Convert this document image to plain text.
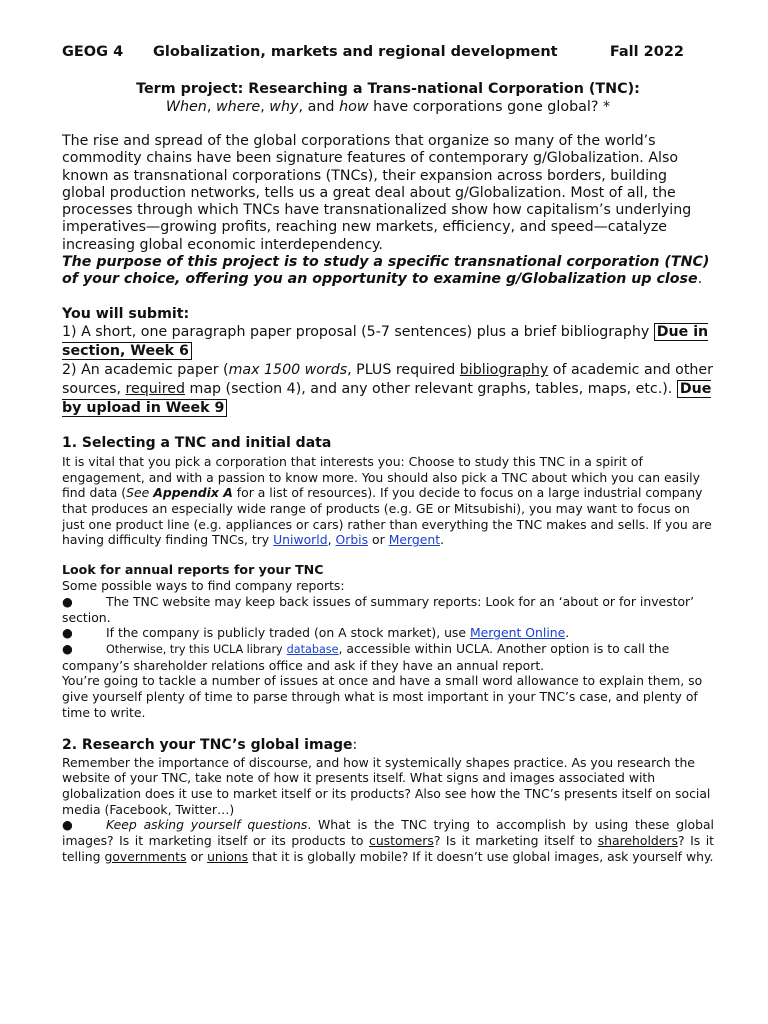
GEOG 4 Globalization, markets and regional development	Fall 2022
Term project: Researching a Trans-national Corporation (TNC):
When, where, why, and how have corporations gone global? *

The rise and spread of the global corporations that organize so many of the world’s commodity chains have been signature features of contemporary g/Globalization. Also known as transnational corporations (TNCs), their expansion across borders, building global production networks, tells us a great deal about g/Globalization. Most of all, the processes through which TNCs have transnationalized show how capitalism’s underlying imperatives—growing profits, reaching new markets, efficiency, and speed—catalyze increasing global economic interdependency.

The purpose of this project is to study a specific transnational corporation (TNC) of your choice, offering you an opportunity to examine g/Globalization up close.

You will submit:
1) A short, one paragraph paper proposal (5-7 sentences) plus a brief bibliography Due in section, Week 6
2) An academic paper (max 1500 words, PLUS required bibliography of academic and other sources, required map (section 4), and any other relevant graphs, tables, maps, etc.). Due by upload in Week 9
1. Selecting a TNC and initial data

It is vital that you pick a corporation that interests you: Choose to study this TNC in a spirit of engagement, and with a passion to know more. You should also pick a TNC about which you can easily find data (See Appendix A for a list of resources). If you decide to focus on a large industrial company that produces an especially wide range of products (e.g. GE or Mitsubishi), you may want to focus on just one product line (e.g. appliances or cars) rather than everything the TNC makes and sells. If you are having difficulty finding TNCs, try Uniworld, Orbis or Mergent.

Look for annual reports for your TNC
Some possible ways to find company reports:
●	The TNC website may keep back issues of summary reports: Look for an ‘about or for investor’ section.
●	If the company is publicly traded (on A stock market), use Mergent Online.
●	Otherwise, try this UCLA library database, accessible within UCLA. Another option is to call the company’s shareholder relations office and ask if they have an annual report.

You’re going to tackle a number of issues at once and have a small word allowance to explain them, so give yourself plenty of time to parse through what is most important in your TNC’s case, and plenty of time to write.

2. Research your TNC’s global image:

Remember the importance of discourse, and how it systemically shapes practice. As you research the website of your TNC, take note of how it presents itself. What signs and images associated with globalization does it use to market itself or its products? Also see how the TNC’s presents itself on social media (Facebook, Twitter…)

●	Keep asking yourself questions. What is the TNC trying to accomplish by using these global images? Is it marketing itself or its products to customers? Is it marketing itself to shareholders? Is it telling governments or unions that it is globally mobile? If it doesn’t use global images, ask yourself why.
